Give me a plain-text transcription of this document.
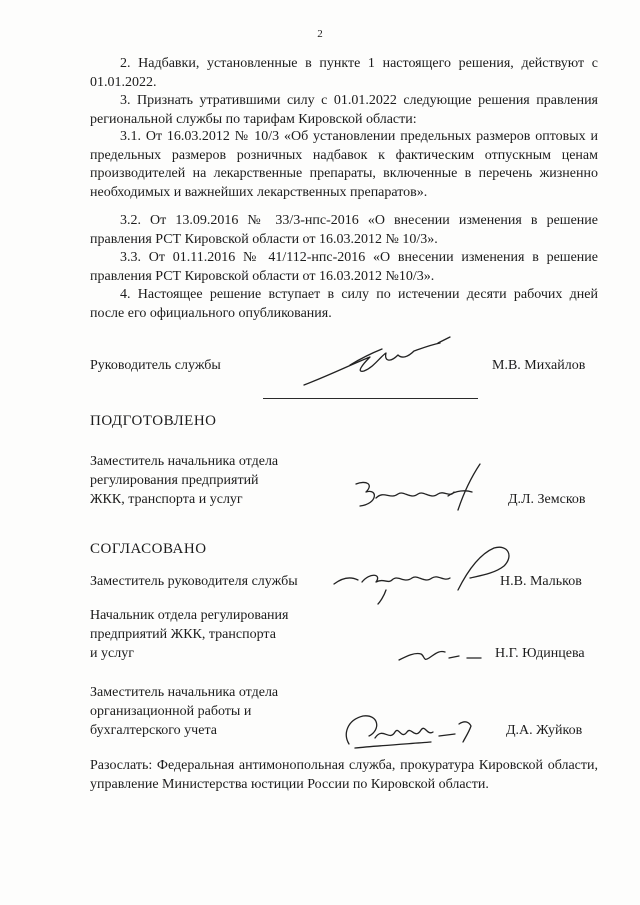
2
2. Надбавки, установленные в пункте 1 настоящего решения, действуют с 01.01.2022.
3. Признать утратившими силу с 01.01.2022 следующие решения правления региональной службы по тарифам Кировской области:
3.1. От 16.03.2012 № 10/3 «Об установлении предельных размеров оптовых и предельных размеров розничных надбавок к фактическим отпускным ценам производителей на лекарственные препараты, включенные в перечень жизненно необходимых и важнейших лекарственных препаратов».
3.2. От 13.09.2016 № 33/3-нпс-2016 «О внесении изменения в решение правления РСТ Кировской области от 16.03.2012 № 10/3».
3.3. От 01.11.2016 № 41/112-нпс-2016 «О внесении изменения в решение правления РСТ Кировской области от 16.03.2012 №10/3».
4. Настоящее решение вступает в силу по истечении десяти рабочих дней после его официального опубликования.
Руководитель службы	М.В. Михайлов
ПОДГОТОВЛЕНО
Заместитель начальника отдела
регулирования предприятий
ЖКК, транспорта и услуг	Д.Л. Земсков
СОГЛАСОВАНО
Заместитель руководителя службы	Н.В. Мальков
Начальник отдела регулирования
предприятий ЖКК, транспорта
и услуг	Н.Г. Юдинцева
Заместитель начальника отдела
организационной работы и
бухгалтерского учета	Д.А. Жуйков
Разослать: Федеральная антимонопольная служба, прокуратура Кировской области, управление Министерства юстиции России по Кировской области.
